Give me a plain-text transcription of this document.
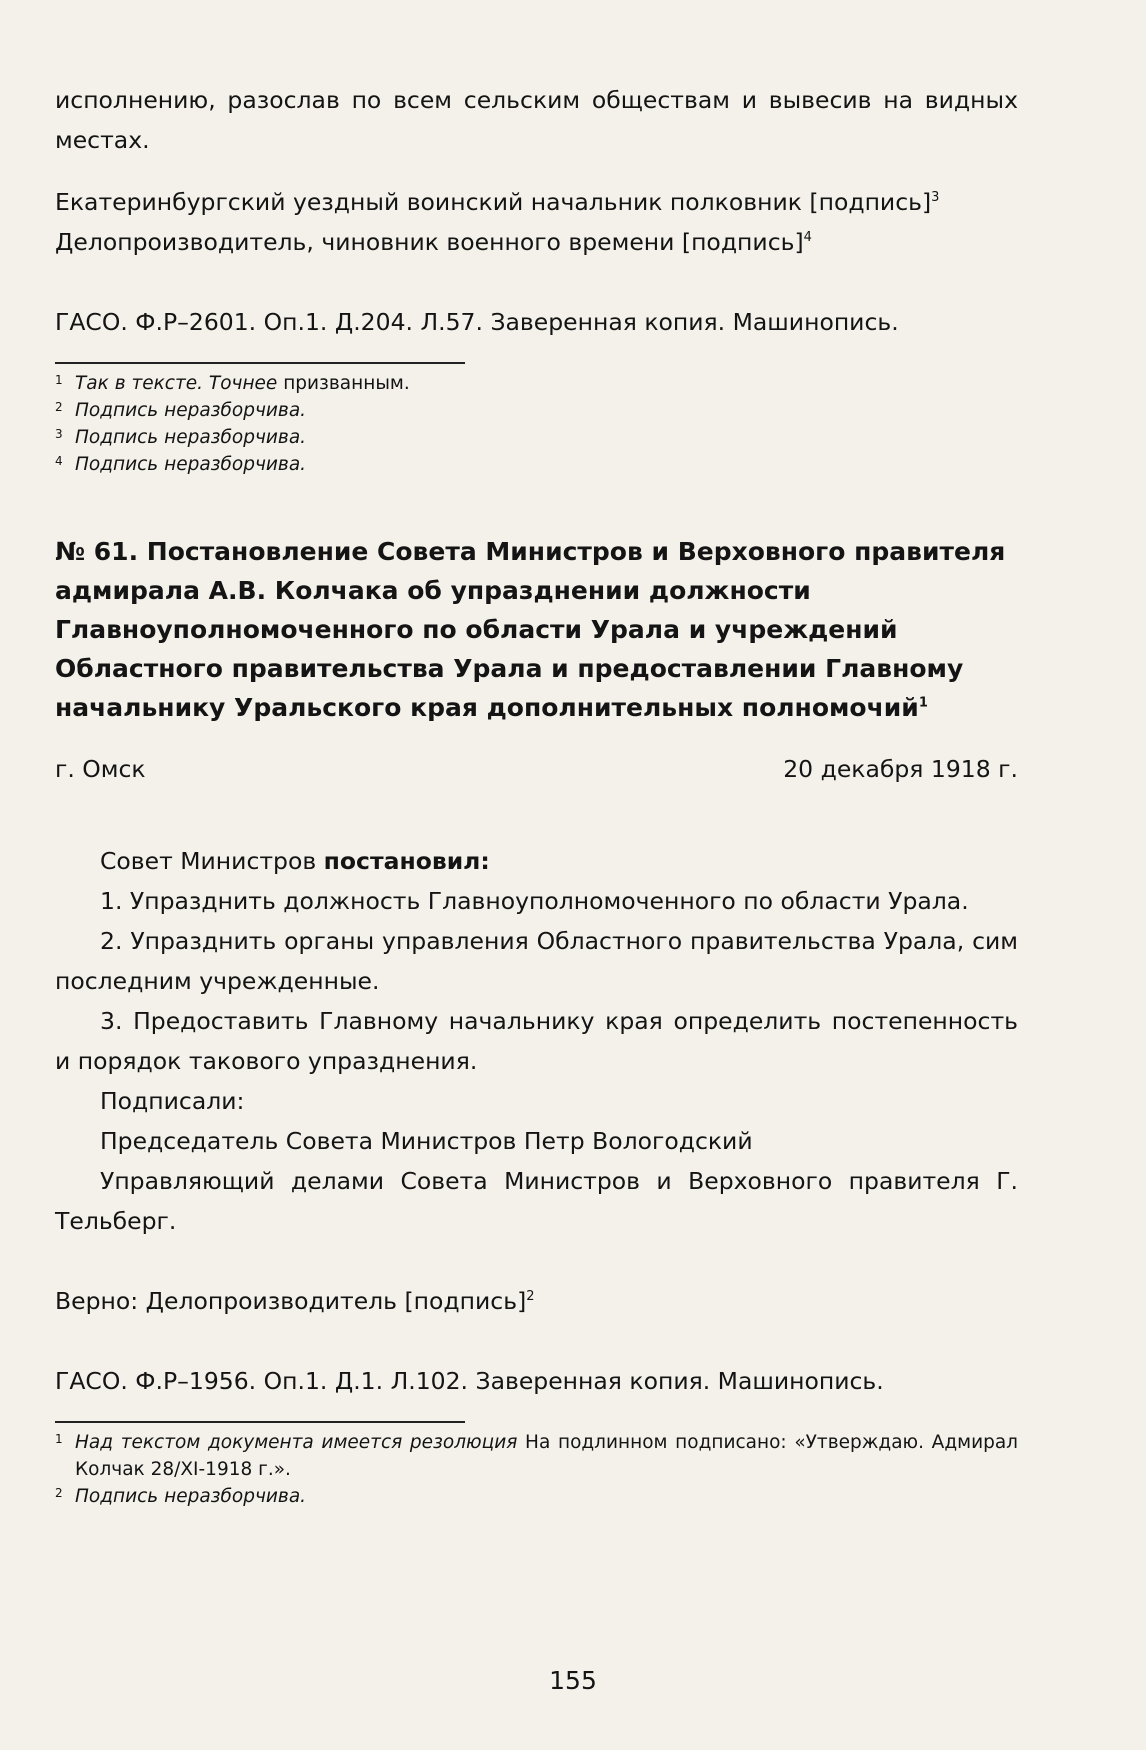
исполнению, разослав по всем сельским обществам и вывесив на видных местах.

Екатеринбургский уездный воинский начальник полковник [подпись]$^3$

Делопроизводитель, чиновник военного времени [подпись]$^4$

ГАСО. Ф.Р–2601. Оп.1. Д.204. Л.57. Заверенная копия. Машинопись.

1 Так в тексте. Точнее призванным.

2 Подпись неразборчива.

3 Подпись неразборчива.

4 Подпись неразборчива.

№ 61. Постановление Совета Министров и Верховного правителя адмирала А.В. Колчака об упразднении должности Главноуполномоченного по области Урала и учреждений Областного правительства Урала и предоставлении Главному начальнику Уральского края дополнительных полномочий$^1$
г. Омск	20 декабря 1918 г.

Совет Министров постановил:

1. Упразднить должность Главноуполномоченного по области Урала.

2. Упразднить органы управления Областного правительства Урала, сим последним учрежденные.

3. Предоставить Главному начальнику края определить постепенность и порядок такового упразднения.

Подписали:

Председатель Совета Министров Петр Вологодский

Управляющий делами Совета Министров и Верховного правителя Г. Тельберг.

Верно: Делопроизводитель [подпись]$^2$

ГАСО. Ф.Р–1956. Оп.1. Д.1. Л.102. Заверенная копия. Машинопись.

1 Над текстом документа имеется резолюция На подлинном подписано: «Утверждаю. Адмирал Колчак 28/XI-1918 г.».

2 Подпись неразборчива.

155
